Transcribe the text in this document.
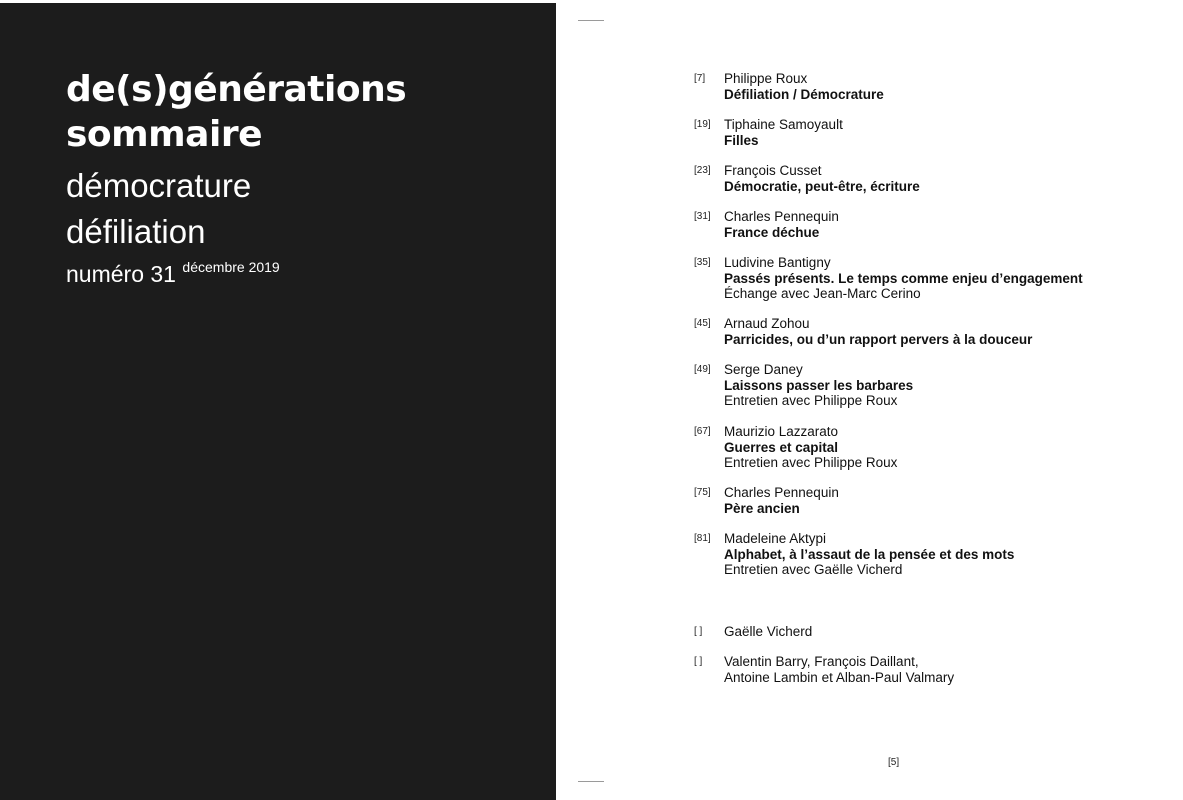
de(s)générations
sommaire
démocrature
défiliation
numéro 31 décembre 2019
[7] Philippe Roux
Défiliation / Démocrature
[19] Tiphaine Samoyault
Filles
[23] François Cusset
Démocratie, peut-être, écriture
[31] Charles Pennequin
France déchue
[35] Ludivine Bantigny
Passés présents. Le temps comme enjeu d’engagement
Échange avec Jean-Marc Cerino
[45] Arnaud Zohou
Parricides, ou d’un rapport pervers à la douceur
[49] Serge Daney
Laissons passer les barbares
Entretien avec Philippe Roux
[67] Maurizio Lazzarato
Guerres et capital
Entretien avec Philippe Roux
[75] Charles Pennequin
Père ancien
[81] Madeleine Aktypi
Alphabet, à l’assaut de la pensée et des mots
Entretien avec Gaëlle Vicherd
[ ] Gaëlle Vicherd
[ ] Valentin Barry, François Daillant,
Antoine Lambin et Alban-Paul Valmary
[5]
